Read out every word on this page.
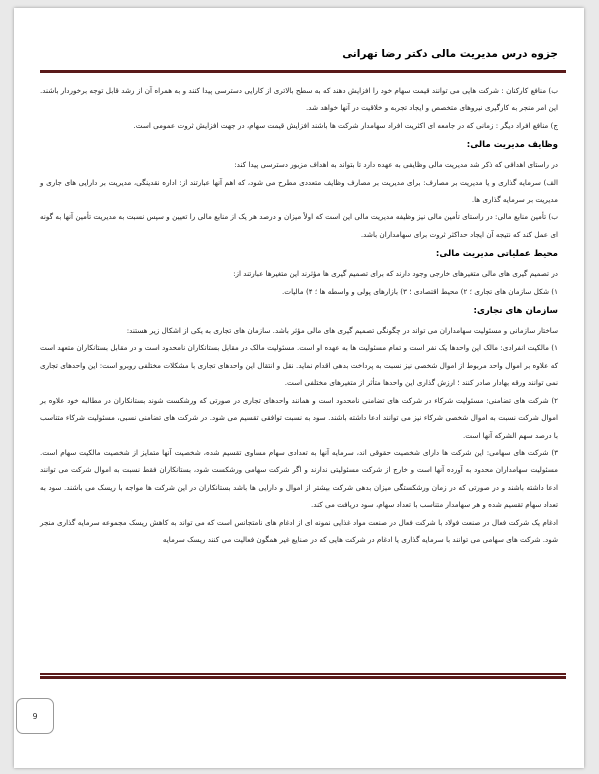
جزوه درس مدیریت مالی دکتر رضا تهرانی

ب) منافع کارکنان : شرکت هایی می توانند قیمت سهام خود را افزایش دهند که به سطح بالاتری از کارایی دسترسی پیدا کنند و به همراه آن از رشد قابل توجه برخوردار باشند. این امر منجر به کارگیری نیروهای متخصص و ایجاد تجربه و خلاقیت در آنها خواهد شد.

ج) منافع افراد دیگر : زمانی که در جامعه ای اکثریت افراد سهامدار شرکت ها باشند افزایش قیمت سهام، در جهت افزایش ثروت عمومی است.

وظایف مدیریت مالی:

در راستای اهدافی که ذکر شد مدیریت مالی وظایفی به عهده دارد تا بتواند به اهداف مزبور دسترسی پیدا کند:

الف) سرمایه گذاری و یا مدیریت بر مصارف: برای مدیریت بر مصارف وظایف متعددی مطرح می شود، که اهم آنها عبارتند از: اداره نقدینگی، مدیریت بر دارایی های جاری و مدیریت بر سرمایه گذاری ها.

ب) تأمین منابع مالی: در راستای تأمین مالی نیز وظیفه مدیریت مالی این است که اولاً میزان و درصد هر یک از منابع مالی را تعیین و سپس نسبت به مدیریت تأمین آنها به گونه ای عمل کند که نتیجه آن ایجاد حداکثر ثروت برای سهامداران باشد.

محیط عملیاتی مدیریت مالی:

در تصمیم گیری های مالی متغیرهای خارجی وجود دارند که برای تصمیم گیری ها مؤثرند این متغیرها عبارتند از:

۱) شکل سازمان های تجاری ؛ ۲) محیط اقتصادی ؛ ۳) بازارهای پولی و واسطه ها ؛ ۴) مالیات.

سازمان های تجاری:

ساختار سازمانی و مسئولیت سهامداران می تواند در چگونگی تصمیم گیری های مالی مؤثر باشد. سازمان های تجاری به یکی از اشکال زیر هستند:

۱) مالکیت انفرادی: مالک این واحدها یک نفر است و تمام مسئولیت ها به عهده او است. مسئولیت مالک در مقابل بستانکاران نامحدود است و در مقابل بستانکاران متعهد است که علاوه بر اموال واحد مربوط از اموال شخصی نیز نسبت به پرداخت بدهی اقدام نماید. نقل و انتقال این واحدهای تجاری با مشکلات مختلفی روبرو است: این واحدهای تجاری نمی توانند ورقه بهادار صادر کنند ؛ ارزش گذاری این واحدها متأثر از متغیرهای مختلفی است.

۲) شرکت های تضامنی: مسئولیت شرکاء در شرکت های تضامنی نامحدود است و همانند واحدهای تجاری در صورتی که ورشکست شوند بستانکاران در مطالبه خود علاوه بر اموال شرکت نسبت به اموال شخصی شرکاء نیز می توانند ادعا داشته باشند. سود به نسبت توافقی تقسیم می شود. در شرکت های تضامنی نسبی، مسئولیت شرکاء متناسب با درصد سهم الشرکه آنها است.

۳) شرکت های سهامی: این شرکت ها دارای شخصیت حقوقی اند، سرمایه آنها به تعدادی سهام مساوی تقسیم شده، شخصیت آنها متمایز از شخصیت مالکیت سهام است. مسئولیت سهامداران محدود به آورده آنها است و خارج از شرکت مسئولیتی ندارند و اگر شرکت سهامی ورشکست شود، بستانکاران فقط نسبت به اموال شرکت می توانند ادعا داشته باشند و در صورتی که در زمان ورشکستگی میزان بدهی شرکت بیشتر از اموال و دارایی ها باشد بستانکاران در این شرکت ها مواجه با ریسک می باشند. سود به تعداد سهام تقسیم شده و هر سهامدار متناسب با تعداد سهام، سود دریافت می کند.

ادغام یک شرکت فعال در صنعت فولاد با شرکت فعال در صنعت مواد غذایی نمونه ای از ادغام های نامتجانس است که می تواند به کاهش ریسک مجموعه سرمایه گذاری منجر شود. شرکت های سهامی می توانند با سرمایه گذاری یا ادغام در شرکت هایی که در صنایع غیر همگون فعالیت می کنند ریسک سرمایه

9
